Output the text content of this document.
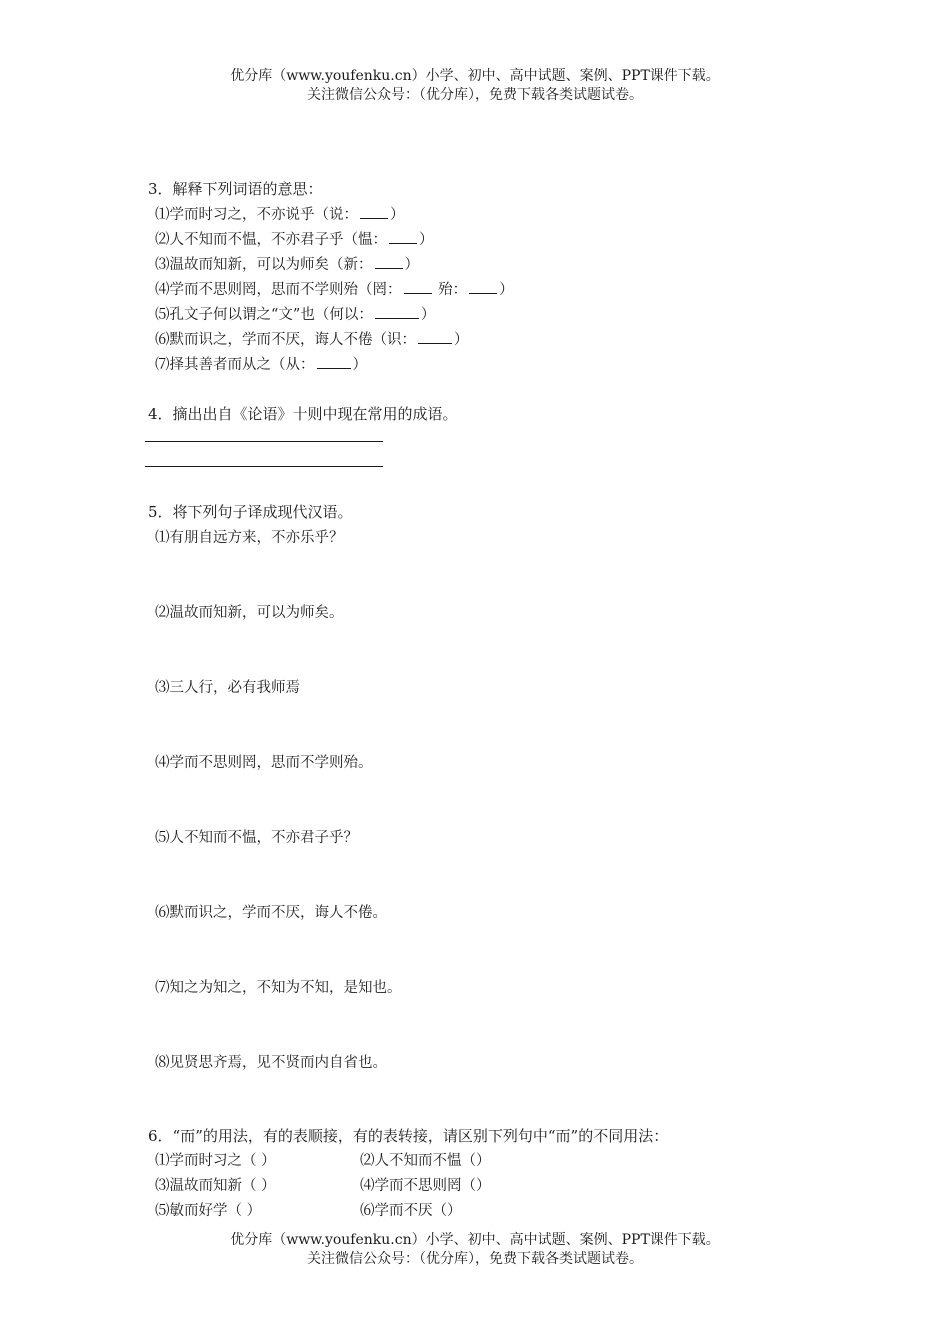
优分库（www.youfenku.cn）小学、初中、高中试题、案例、PPT课件下载。
关注微信公众号：（优分库），免费下载各类试题试卷。
3．解释下列词语的意思：
⑴学而时习之，不亦说乎（说： ）
⑵人不知而不愠，不亦君子乎（愠： ）
⑶温故而知新，可以为师矣（新： ）
⑷学而不思则罔，思而不学则殆（罔：	殆： ）
⑸孔文子何以谓之“文”也（何以：	）
⑹默而识之，学而不厌，诲人不倦（识：	）
⑺择其善者而从之（从：	）
4．摘出出自《论语》十则中现在常用的成语。
5．将下列句子译成现代汉语。
⑴有朋自远方来，不亦乐乎？
⑵温故而知新，可以为师矣。
⑶三人行，必有我师焉
⑷学而不思则罔，思而不学则殆。
⑸人不知而不愠，不亦君子乎？
⑹默而识之，学而不厌，诲人不倦。
⑺知之为知之，不知为不知，是知也。
⑻见贤思齐焉，见不贤而内自省也。
6．“而”的用法，有的表顺接，有的表转接，请区别下列句中“而”的不同用法：
⑴学而时习之（ ）	⑵人不知而不愠（）
⑶温故而知新（ ）	⑷学而不思则罔（）
⑸敏而好学（ ）	⑹学而不厌（）
优分库（www.youfenku.cn）小学、初中、高中试题、案例、PPT课件下载。
关注微信公众号：（优分库），免费下载各类试题试卷。
